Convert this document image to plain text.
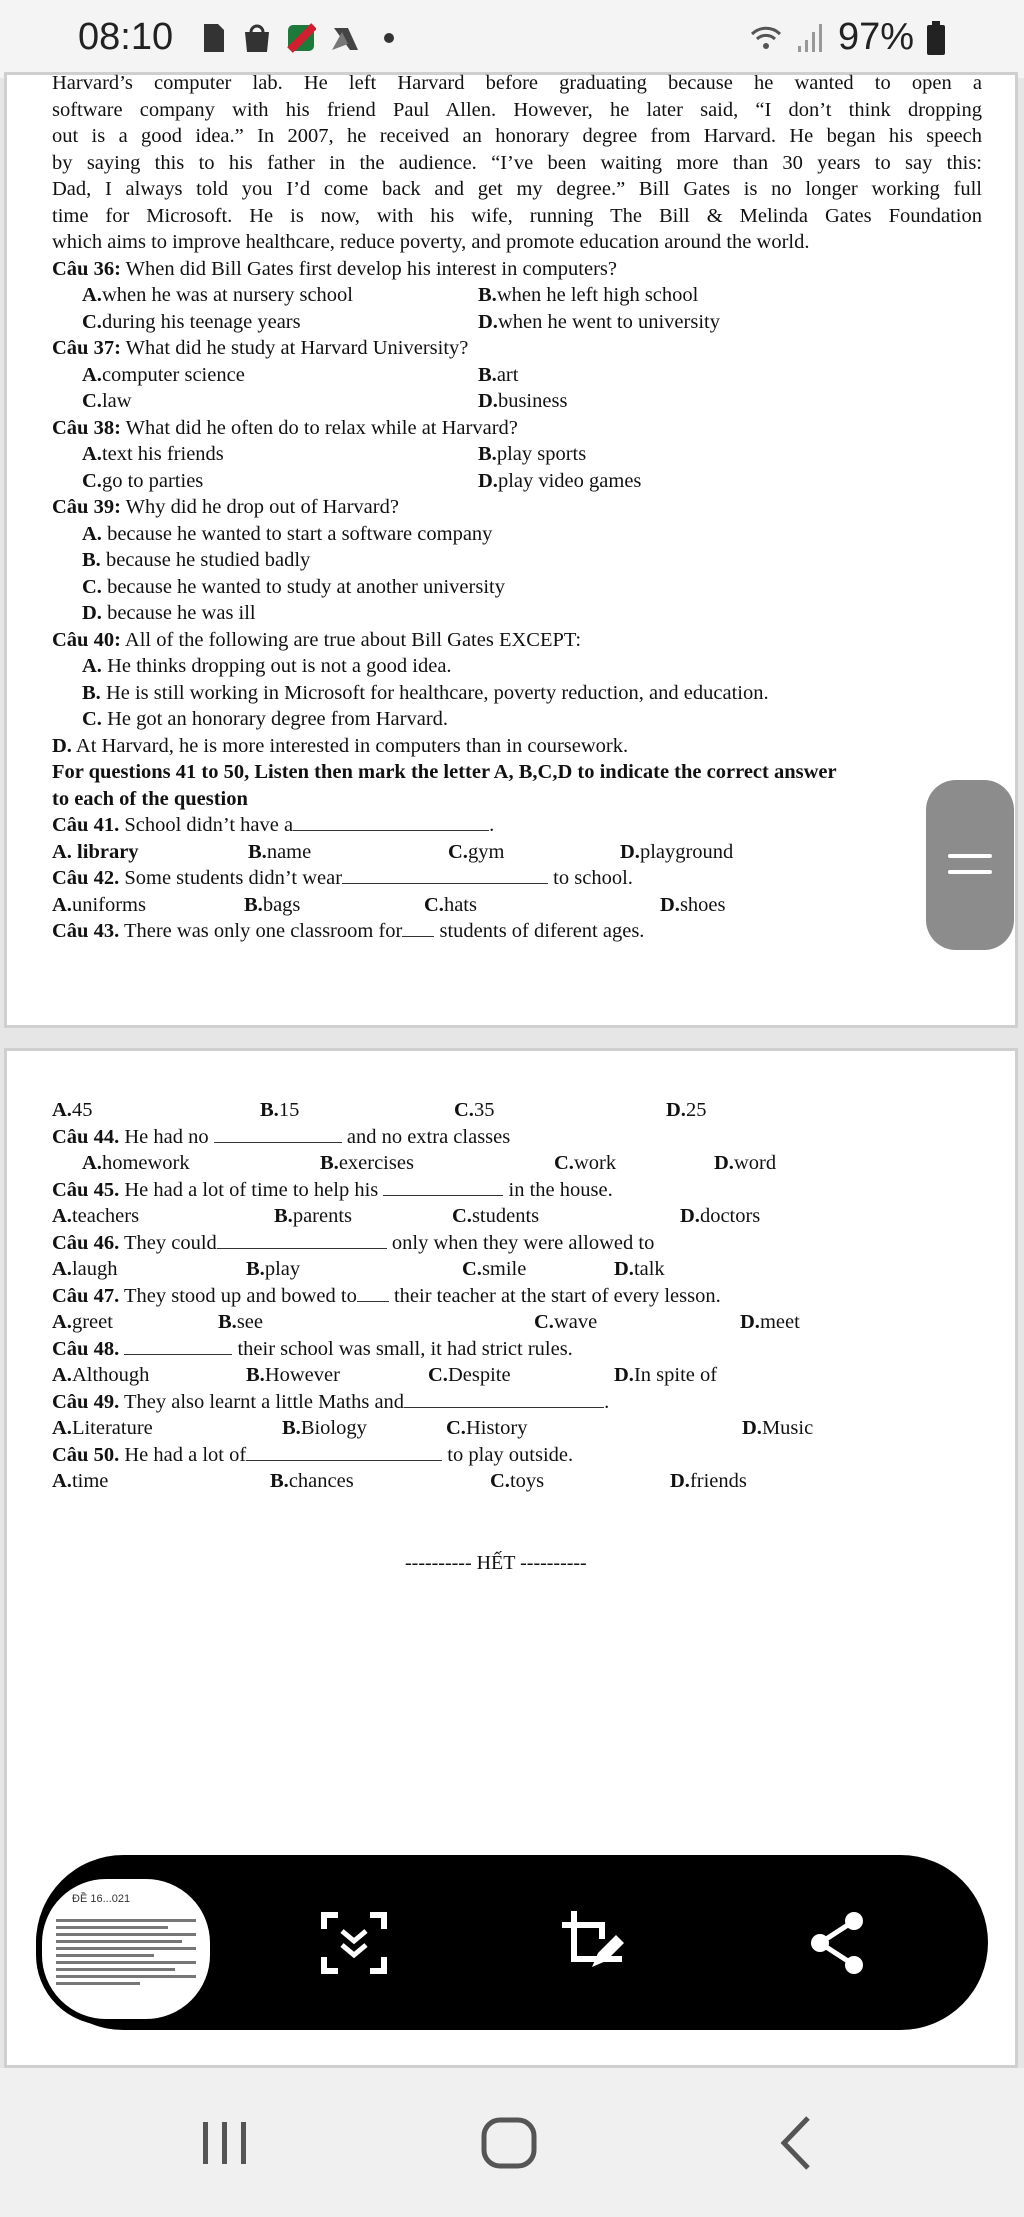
08:10	97%
Harvard’s computer lab. He left Harvard before graduating because he wanted to open a
software company with his friend Paul Allen. However, he later said, “I don’t think dropping
out is a good idea.” In 2007, he received an honorary degree from Harvard. He began his speech
by saying this to his father in the audience. “I’ve been waiting more than 30 years to say this:
Dad, I always told you I’d come back and get my degree.” Bill Gates is no longer working full
time for Microsoft. He is now, with his wife, running The Bill & Melinda Gates Foundation
which aims to improve healthcare, reduce poverty, and promote education around the world.
Câu 36: When did Bill Gates first develop his interest in computers?
A. when he was at nursery school	B. when he left high school
C. during his teenage years	D. when he went to university
Câu 37: What did he study at Harvard University?
A. computer science	B. art
C. law	D. business
Câu 38: What did he often do to relax while at Harvard?
A. text his friends	B. play sports
C. go to parties	D. play video games
Câu 39: Why did he drop out of Harvard?
A. because he wanted to start a software company
B. because he studied badly
C. because he wanted to study at another university
D. because he was ill
Câu 40: All of the following are true about Bill Gates EXCEPT:
A. He thinks dropping out is not a good idea.
B. He is still working in Microsoft for healthcare, poverty reduction, and education.
C. He got an honorary degree from Harvard.
D. At Harvard, he is more interested in computers than in coursework.
For questions 41 to 50, Listen then mark the letter A, B,C,D to indicate the correct answer
to each of the question
Câu 41. School didn’t have a	.
A. library	B. name	C. gym	D. playground
Câu 42. Some students didn’t wear	to school.
A. uniforms	B. bags	C. hats	D. shoes
Câu 43. There was only one classroom for students of diferent ages.
A. 45	B. 15	C. 35	D. 25
Câu 44. He had no	and no extra classes
A. homework	B. exercises	C. work	D. word
Câu 45. He had a lot of time to help his	in the house.
A. teachers	B. parents	C. students	D. doctors
Câu 46. They could	only when they were allowed to
A. laugh	B. play	C. smile	D. talk
Câu 47. They stood up and bowed to their teacher at the start of every lesson.
A. greet	B. see	C. wave	D. meet
Câu 48.	their school was small, it had strict rules.
A. Although	B. However	C. Despite	D. In spite of
Câu 49. They also learnt a little Maths and	.
A. Literature	B. Biology	C. History	D. Music
Câu 50. He had a lot of	to play outside.
A. time	B. chances	C. toys	D. friends
---------- HẾT ----------
ĐỀ 16...021
